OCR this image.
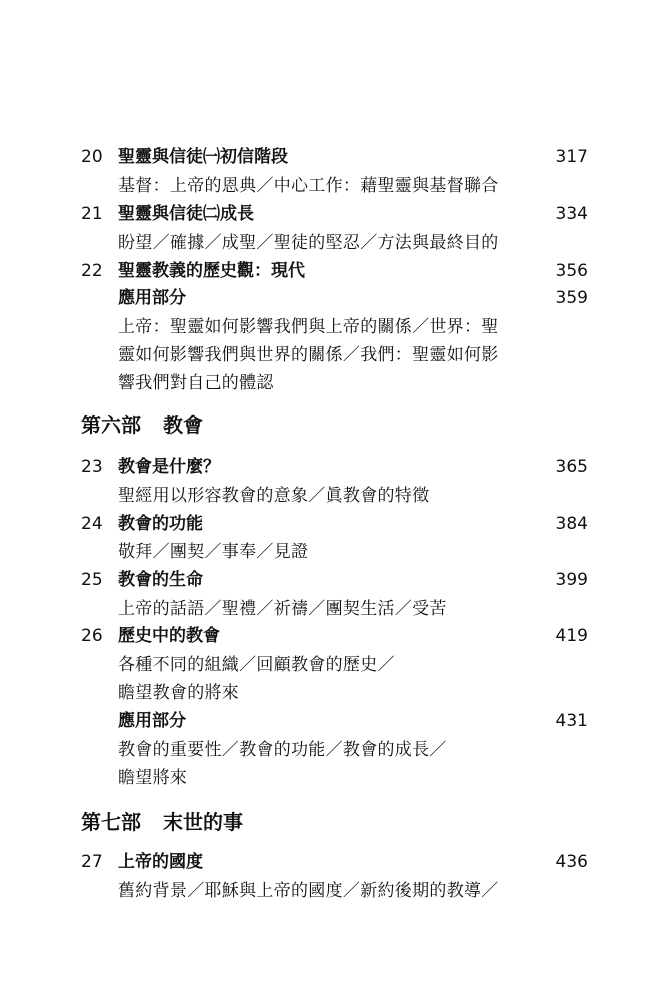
20 聖靈與信徒㈠初信階段	317
基督：上帝的恩典／中心工作：藉聖靈與基督聯合
21 聖靈與信徒㈡成長	334
盼望／確據／成聖／聖徒的堅忍／方法與最終目的
22 聖靈教義的歷史觀：現代	356
應用部分	359
上帝：聖靈如何影響我們與上帝的關係／世界：聖
靈如何影響我們與世界的關係／我們：聖靈如何影
響我們對自己的體認
第六部 教會
23 教會是什麼？	365
聖經用以形容教會的意象／眞教會的特徵
24 教會的功能	384
敬拜／團契／事奉／見證
25 教會的生命	399
上帝的話語／聖禮／祈禱／團契生活／受苦
26 歷史中的教會	419
各種不同的組織／回顧教會的歷史／
瞻望教會的將來
應用部分	431
教會的重要性／教會的功能／教會的成長／
瞻望將來
第七部 末世的事
27 上帝的國度	436
舊約背景／耶穌與上帝的國度／新約後期的教導／
